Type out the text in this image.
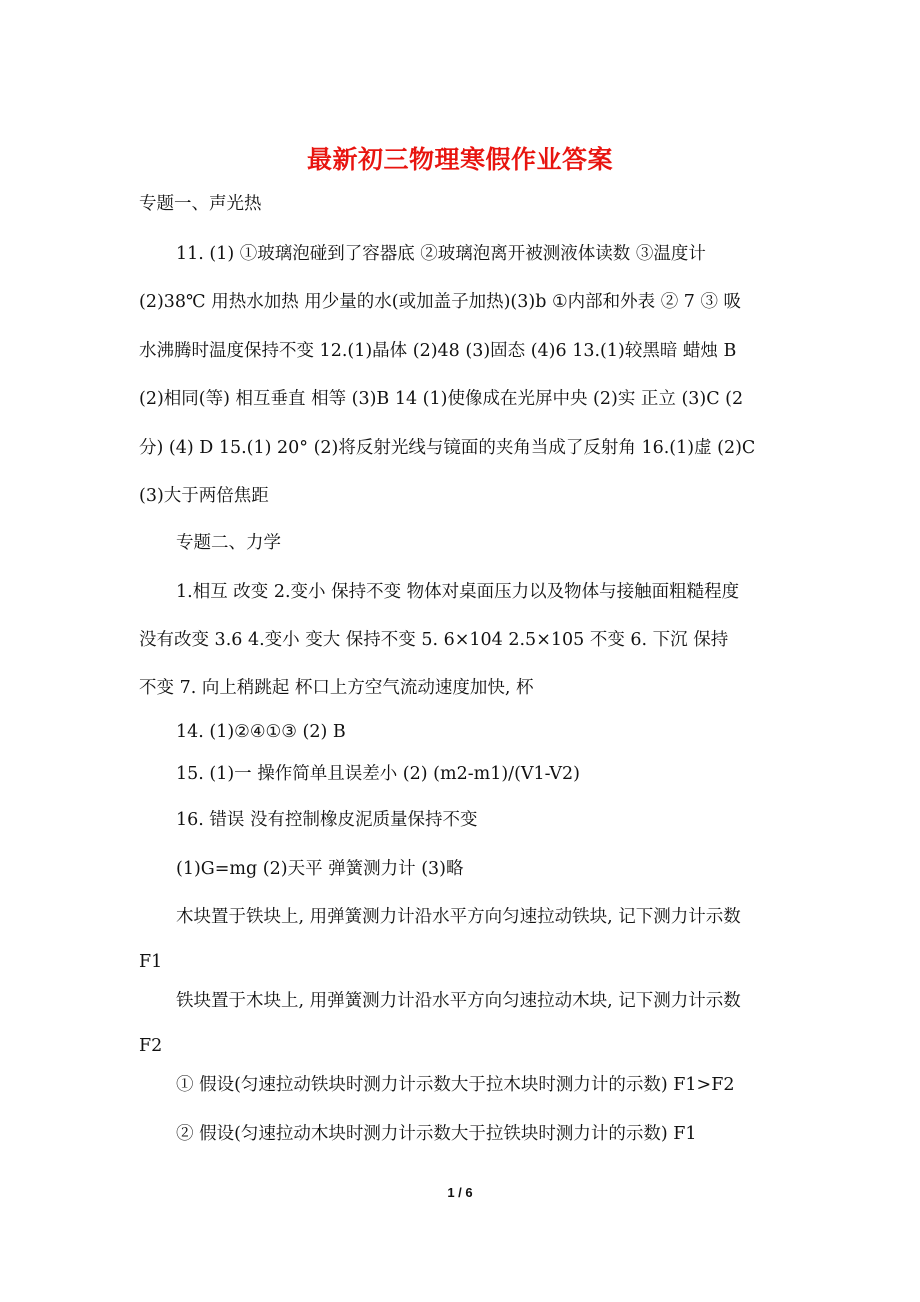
最新初三物理寒假作业答案
专题一、声光热
11. (1) ①玻璃泡碰到了容器底 ②玻璃泡离开被测液体读数 ③温度计
(2)38℃ 用热水加热 用少量的水(或加盖子加热)(3)b ①内部和外表 ② 7 ③ 吸
水沸腾时温度保持不变 12.(1)晶体 (2)48 (3)固态 (4)6 13.(1)较黑暗 蜡烛 B
(2)相同(等) 相互垂直 相等 (3)B 14 (1)使像成在光屏中央 (2)实 正立 (3)C (2
分) (4) D 15.(1) 20° (2)将反射光线与镜面的夹角当成了反射角 16.(1)虚 (2)C
(3)大于两倍焦距
专题二、力学
1.相互 改变 2.变小 保持不变 物体对桌面压力以及物体与接触面粗糙程度
没有改变 3.6 4.变小 变大 保持不变 5. 6×104 2.5×105 不变 6. 下沉 保持
不变 7. 向上稍跳起 杯口上方空气流动速度加快, 杯
14. (1)②④①③ (2) B
15. (1)一 操作简单且误差小 (2) (m2-m1)/(V1-V2)
16. 错误 没有控制橡皮泥质量保持不变
(1)G=mg (2)天平 弹簧测力计 (3)略
木块置于铁块上, 用弹簧测力计沿水平方向匀速拉动铁块, 记下测力计示数
F1
铁块置于木块上, 用弹簧测力计沿水平方向匀速拉动木块, 记下测力计示数
F2
① 假设(匀速拉动铁块时测力计示数大于拉木块时测力计的示数) F1>F2
② 假设(匀速拉动木块时测力计示数大于拉铁块时测力计的示数) F1
1 / 6
